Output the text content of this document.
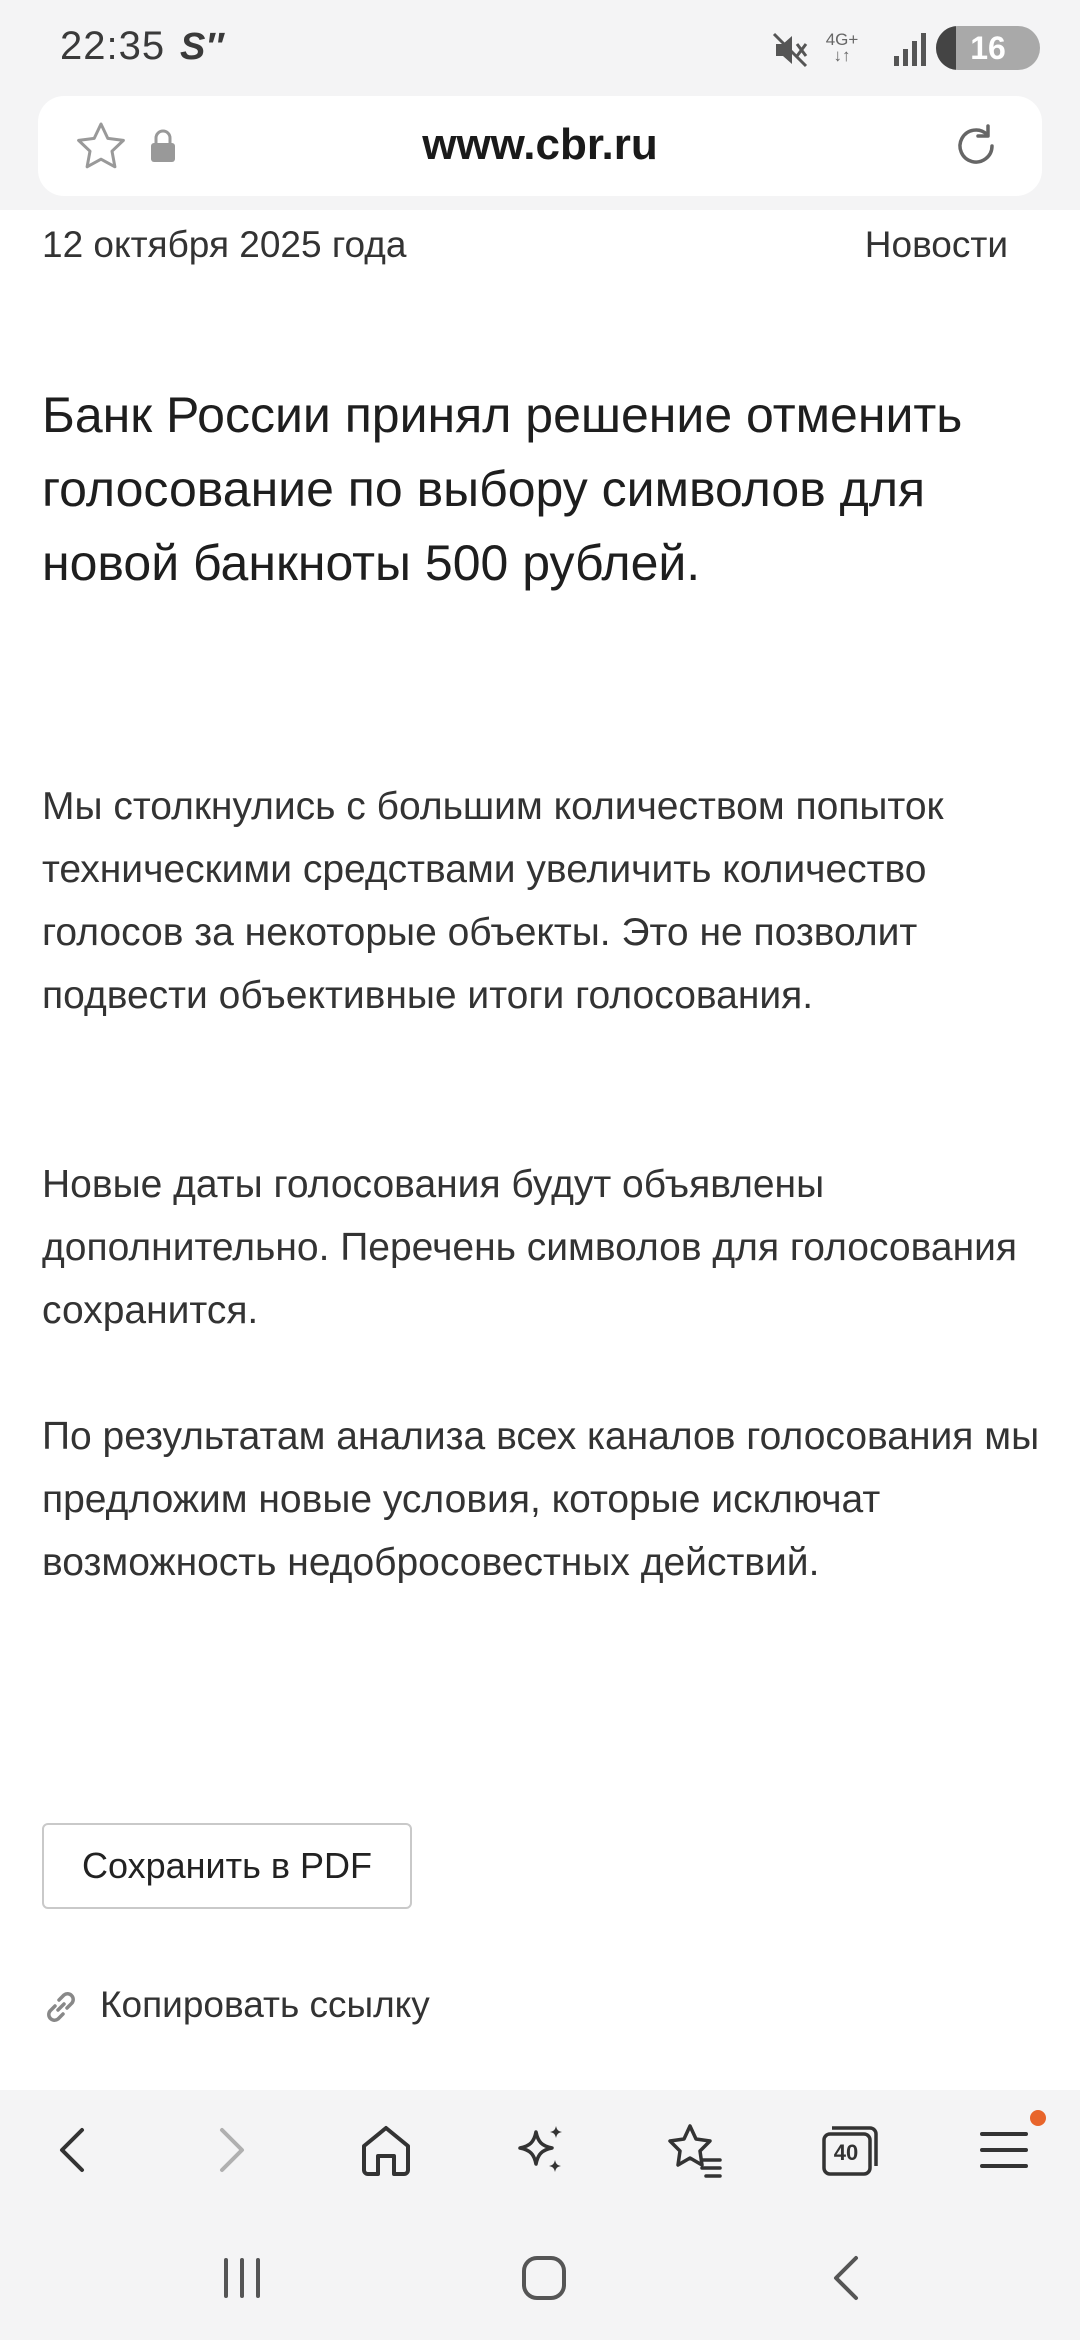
22:35 S″	4G+
↓↑	16
www.cbr.ru
12 октября 2025 года	Новости
Банк России принял решение отменить голосование по выбору символов для новой банкноты 500 рублей.
Мы столкнулись с большим количеством попыток техническими средствами увеличить количество голосов за некоторые объекты. Это не позволит подвести объективные итоги голосования.
Новые даты голосования будут объявлены дополнительно. Перечень символов для голосования сохранится.
По результатам анализа всех каналов голосования мы предложим новые условия, которые исключат возможность недобросовестных действий.
Сохранить в PDF
Копировать ссылку
40
